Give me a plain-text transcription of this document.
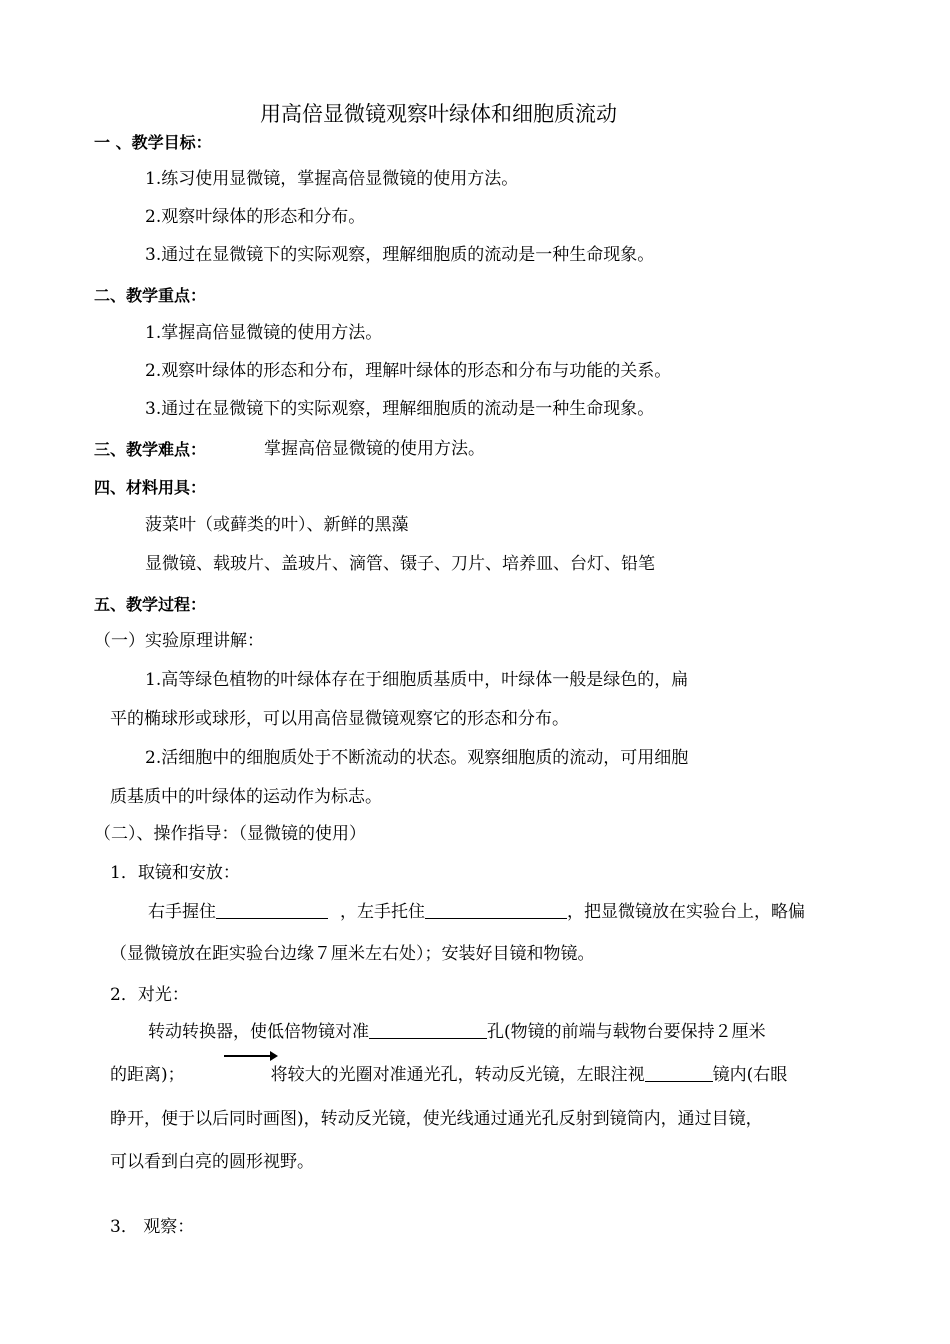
用高倍显微镜观察叶绿体和细胞质流动
一 、教学目标：
1.练习使用显微镜，掌握高倍显微镜的使用方法。
2.观察叶绿体的形态和分布。
3.通过在显微镜下的实际观察，理解细胞质的流动是一种生命现象。
二、教学重点：
1.掌握高倍显微镜的使用方法。
2.观察叶绿体的形态和分布，理解叶绿体的形态和分布与功能的关系。
3.通过在显微镜下的实际观察，理解细胞质的流动是一种生命现象。
三、教学难点：	掌握高倍显微镜的使用方法。
四、材料用具：
菠菜叶（或藓类的叶）、新鲜的黑藻
显微镜、载玻片、盖玻片、滴管、镊子、刀片、培养皿、台灯、铅笔
五、教学过程：
（一）实验原理讲解：
1.高等绿色植物的叶绿体存在于细胞质基质中，叶绿体一般是绿色的，扁
平的椭球形或球形，可以用高倍显微镜观察它的形态和分布。
2.活细胞中的细胞质处于不断流动的状态。观察细胞质的流动，可用细胞
质基质中的叶绿体的运动作为标志。
（二）、操作指导：（显微镜的使用）
1．取镜和安放：
右手握住	，左手托住	，把显微镜放在实验台上，略偏
（显微镜放在距实验台边缘７厘米左右处）；安装好目镜和物镜。
2．对光：
转动转换器，使低倍物镜对准	孔(物镜的前端与载物台要保持２厘米
的距离)；	将较大的光圈对准通光孔，转动反光镜，左眼注视	镜内(右眼
睁开，便于以后同时画图)，转动反光镜，使光线通过通光孔反射到镜筒内，通过目镜，
可以看到白亮的圆形视野。
3． 观察：
